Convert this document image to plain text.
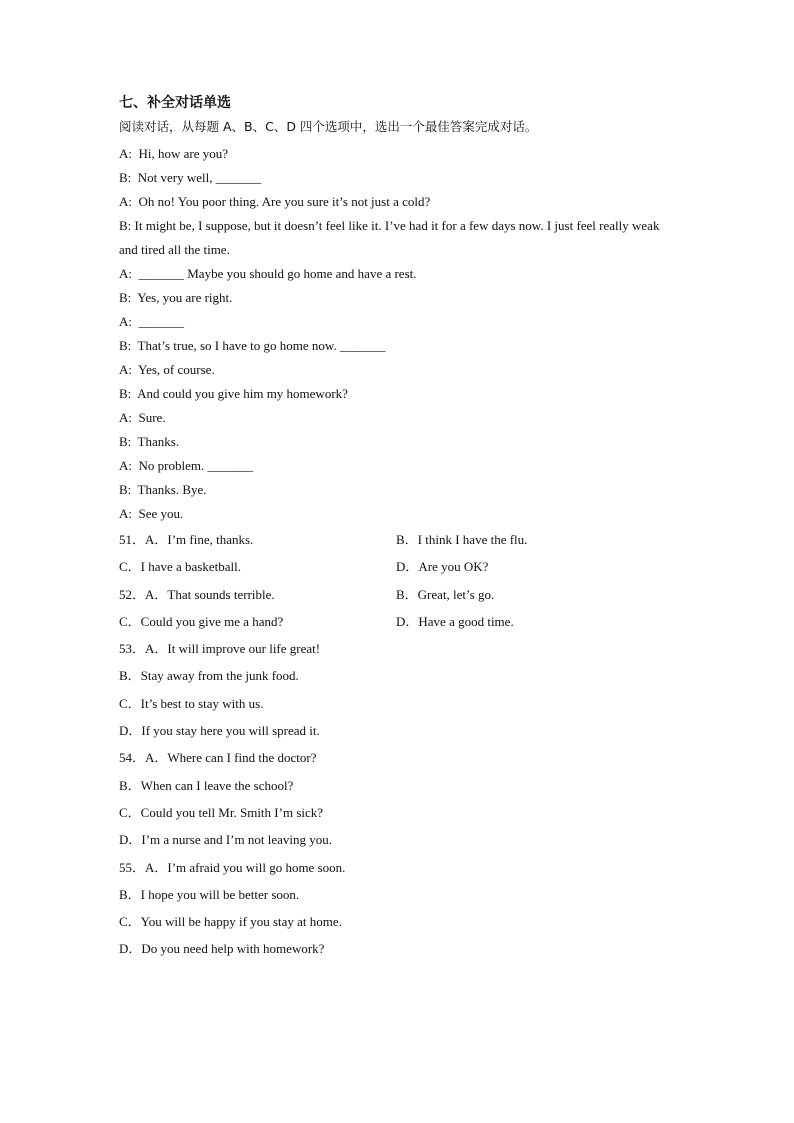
七、补全对话单选

阅读对话，从每题 A、B、C、D 四个选项中，选出一个最佳答案完成对话。

A:  Hi, how are you?

B:  Not very well, _______

A:  Oh no! You poor thing. Are you sure it’s not just a cold?

B: It might be, I suppose, but it doesn’t feel like it. I’ve had it for a few days now. I just feel really weak and tired all the time.

A:  _______ Maybe you should go home and have a rest.

B:  Yes, you are right.

A:  _______

B:  That’s true, so I have to go home now. _______

A:  Yes, of course.

B:  And could you give him my homework?

A:  Sure.

B:  Thanks.

A:  No problem. _______

B:  Thanks. Bye.

A:  See you.

51．A．I’m fine, thanks.	B．I think I have the flu.
C．I have a basketball.	D．Are you OK?
52．A．That sounds terrible.	B．Great, let’s go.
C．Could you give me a hand?	D．Have a good time.

53．A．It will improve our life great!

B．Stay away from the junk food.

C．It’s best to stay with us.

D．If you stay here you will spread it.

54．A．Where can I find the doctor?

B．When can I leave the school?

C．Could you tell Mr. Smith I’m sick?

D．I’m a nurse and I’m not leaving you.

55．A．I’m afraid you will go home soon.

B．I hope you will be better soon.

C．You will be happy if you stay at home.

D．Do you need help with homework?
